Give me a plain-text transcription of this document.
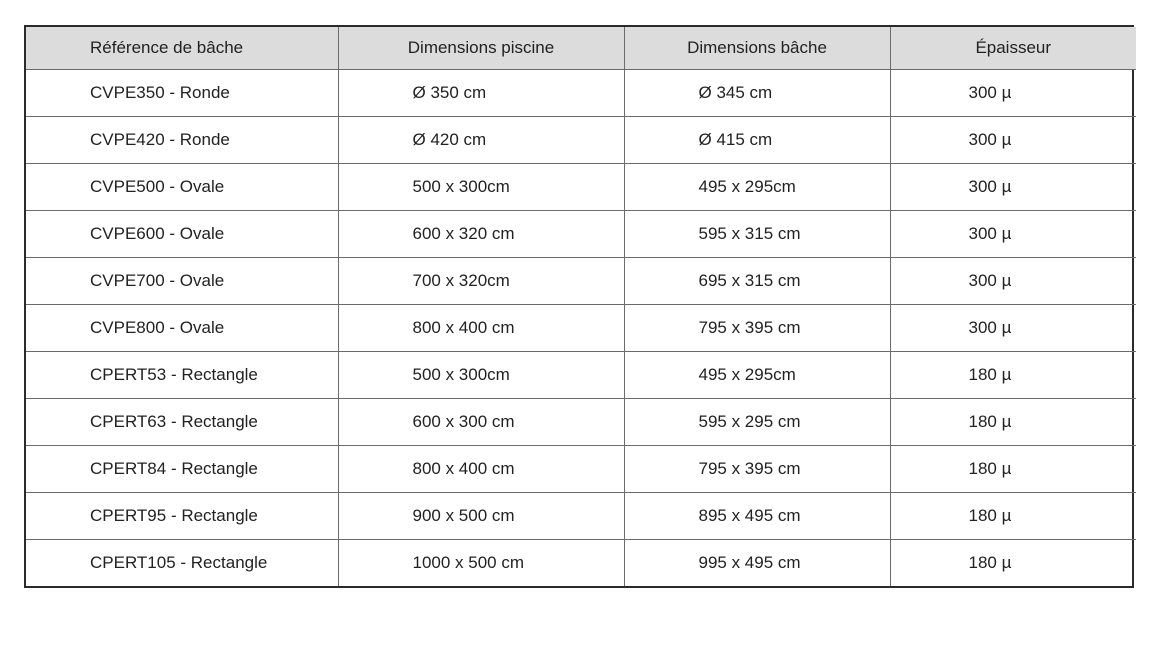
Référence de bâche	Dimensions piscine	Dimensions bâche	Épaisseur
CVPE350 - Ronde	Ø 350 cm	Ø 345 cm	300 µ
CVPE420 - Ronde	Ø 420 cm	Ø 415 cm	300 µ
CVPE500 - Ovale	500 x 300cm	495 x 295cm	300 µ
CVPE600 - Ovale	600 x 320 cm	595 x 315 cm	300 µ
CVPE700 - Ovale	700 x 320cm	695 x 315 cm	300 µ
CVPE800 - Ovale	800 x 400 cm	795 x 395 cm	300 µ
CPERT53 - Rectangle	500 x 300cm	495 x 295cm	180 µ
CPERT63 - Rectangle	600 x 300 cm	595 x 295 cm	180 µ
CPERT84 - Rectangle	800 x 400 cm	795 x 395 cm	180 µ
CPERT95 - Rectangle	900 x 500 cm	895 x 495 cm	180 µ
CPERT105 - Rectangle	1000 x 500 cm	995 x 495 cm	180 µ
